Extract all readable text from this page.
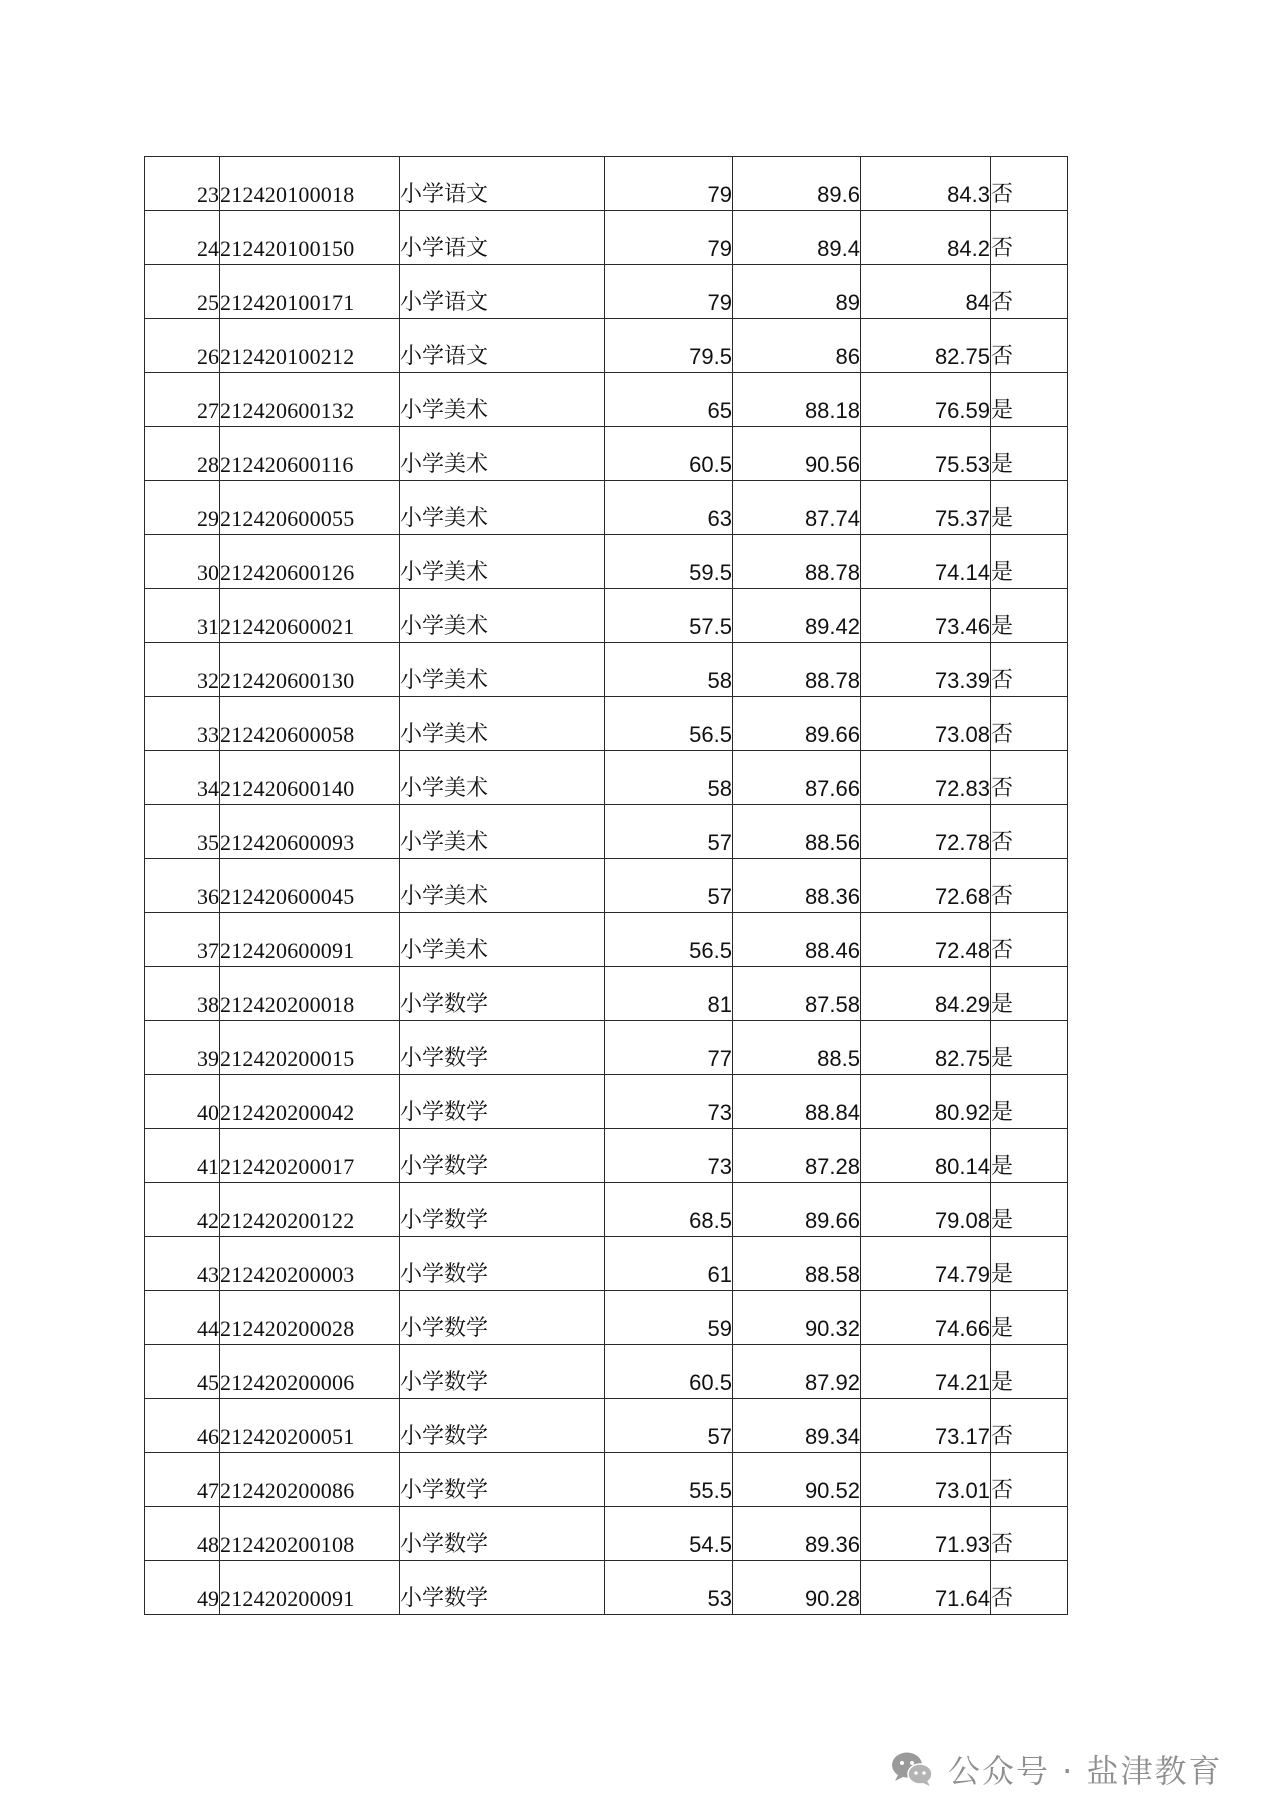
23	212420100018	小学语文	79	89.6	84.3	否
24	212420100150	小学语文	79	89.4	84.2	否
25	212420100171	小学语文	79	89	84	否
26	212420100212	小学语文	79.5	86	82.75	否
27	212420600132	小学美术	65	88.18	76.59	是
28	212420600116	小学美术	60.5	90.56	75.53	是
29	212420600055	小学美术	63	87.74	75.37	是
30	212420600126	小学美术	59.5	88.78	74.14	是
31	212420600021	小学美术	57.5	89.42	73.46	是
32	212420600130	小学美术	58	88.78	73.39	否
33	212420600058	小学美术	56.5	89.66	73.08	否
34	212420600140	小学美术	58	87.66	72.83	否
35	212420600093	小学美术	57	88.56	72.78	否
36	212420600045	小学美术	57	88.36	72.68	否
37	212420600091	小学美术	56.5	88.46	72.48	否
38	212420200018	小学数学	81	87.58	84.29	是
39	212420200015	小学数学	77	88.5	82.75	是
40	212420200042	小学数学	73	88.84	80.92	是
41	212420200017	小学数学	73	87.28	80.14	是
42	212420200122	小学数学	68.5	89.66	79.08	是
43	212420200003	小学数学	61	88.58	74.79	是
44	212420200028	小学数学	59	90.32	74.66	是
45	212420200006	小学数学	60.5	87.92	74.21	是
46	212420200051	小学数学	57	89.34	73.17	否
47	212420200086	小学数学	55.5	90.52	73.01	否
48	212420200108	小学数学	54.5	89.36	71.93	否
49	212420200091	小学数学	53	90.28	71.64	否
公众号 · 盐津教育
